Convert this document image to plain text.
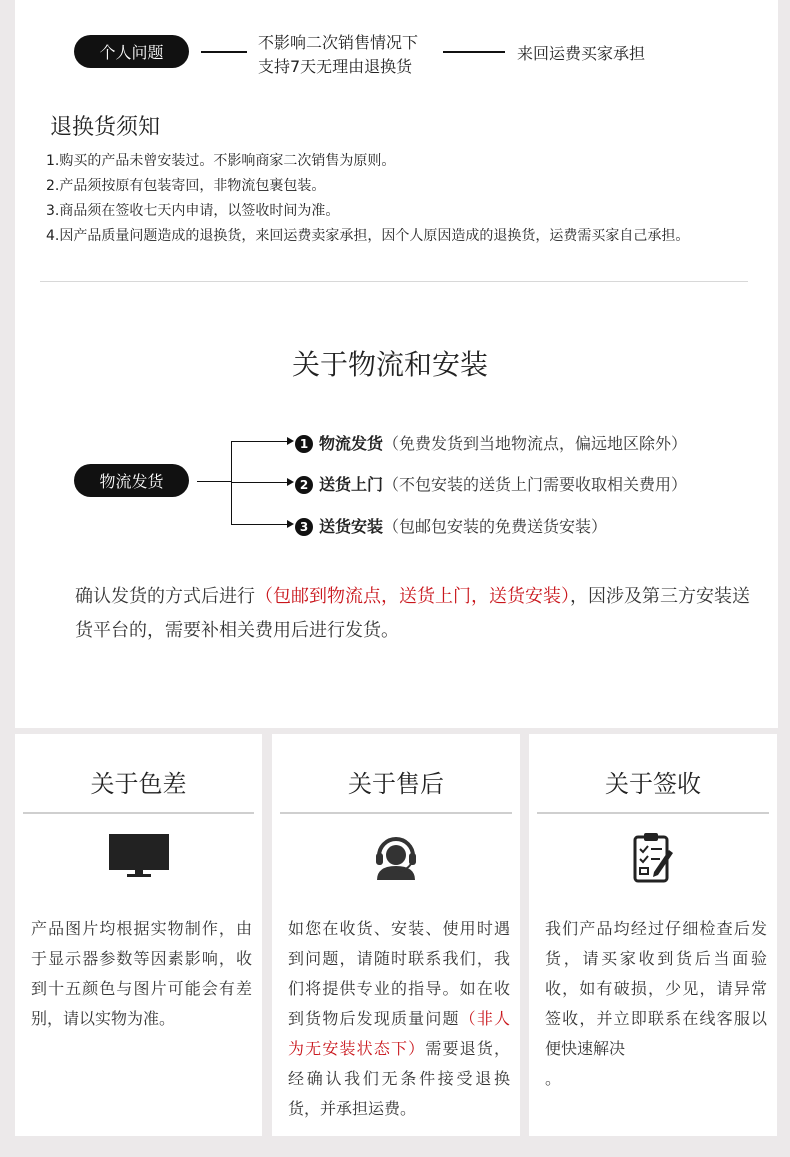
个人问题
不影响二次销售情况下
支持7天无理由退换货
来回运费买家承担
退换货须知
1.购买的产品未曾安装过。不影响商家二次销售为原则。
2.产品须按原有包装寄回，非物流包裹包装。
3.商品须在签收七天内申请，以签收时间为准。
4.因产品质量问题造成的退换货，来回运费卖家承担，因个人原因造成的退换货，运费需买家自己承担。
关于物流和安装
物流发货
1 物流发货（免费发货到当地物流点，偏远地区除外）
2 送货上门（不包安装的送货上门需要收取相关费用）
3 送货安装（包邮包安装的免费送货安装）
确认发货的方式后进行（包邮到物流点，送货上门，送货安装），因涉及第三方安装送货平台的，需要补相关费用后进行发货。
关于色差
产品图片均根据实物制作，由于显示器参数等因素影响，收到十五颜色与图片可能会有差别，请以实物为准。
关于售后
如您在收货、安装、使用时遇到问题，请随时联系我们，我们将提供专业的指导。如在收到货物后发现质量问题（非人为无安装状态下）需要退货，经确认我们无条件接受退换货，并承担运费。
关于签收
我们产品均经过仔细检查后发货，请买家收到货后当面验收，如有破损，少见，请异常签收，并立即联系在线客服以便快速解决
。
